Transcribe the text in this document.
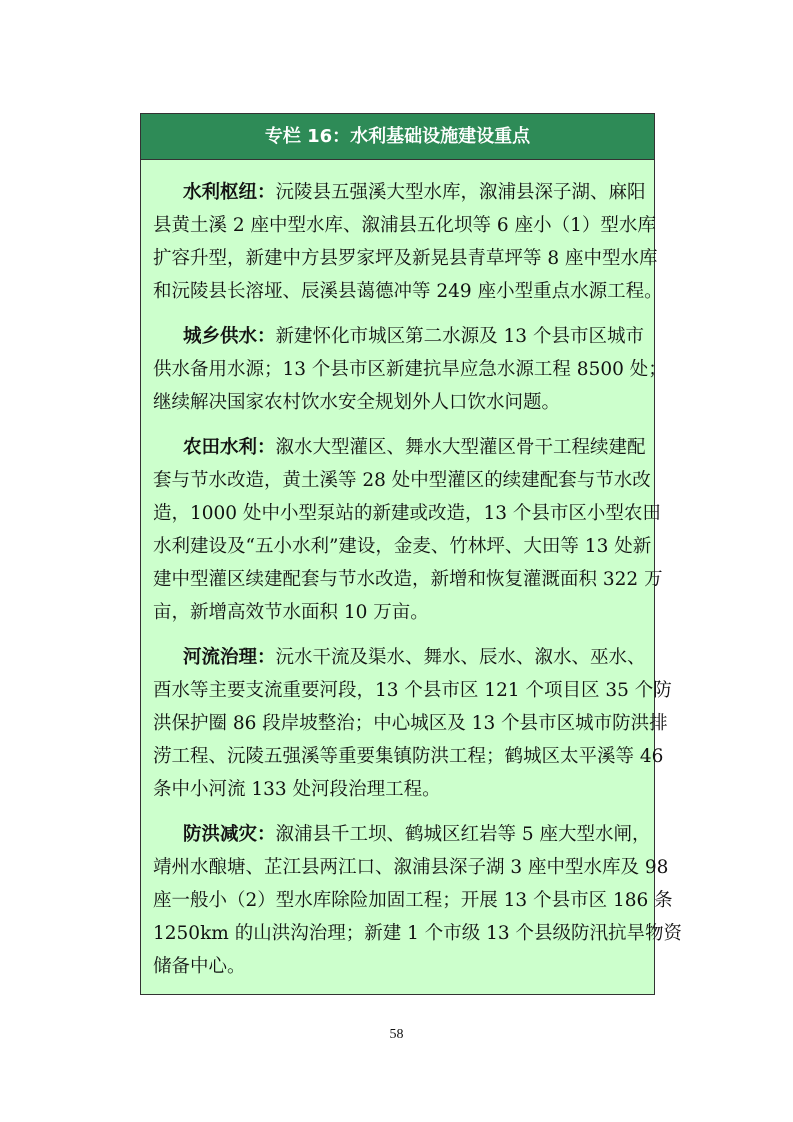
专栏 16：水利基础设施建设重点
水利枢纽：沅陵县五强溪大型水库，溆浦县深子湖、麻阳
县黄土溪 2 座中型水库、溆浦县五化坝等 6 座小（1）型水库
扩容升型，新建中方县罗家坪及新晃县青草坪等 8 座中型水库
和沅陵县长溶垭、辰溪县蔼德冲等 249 座小型重点水源工程。
城乡供水：新建怀化市城区第二水源及 13 个县市区城市
供水备用水源；13 个县市区新建抗旱应急水源工程 8500 处；
继续解决国家农村饮水安全规划外人口饮水问题。
农田水利：溆水大型灌区、舞水大型灌区骨干工程续建配
套与节水改造，黄土溪等 28 处中型灌区的续建配套与节水改
造，1000 处中小型泵站的新建或改造，13 个县市区小型农田
水利建设及“五小水利”建设，金麦、竹林坪、大田等 13 处新
建中型灌区续建配套与节水改造，新增和恢复灌溉面积 322 万
亩，新增高效节水面积 10 万亩。
河流治理：沅水干流及渠水、舞水、辰水、溆水、巫水、
酉水等主要支流重要河段，13 个县市区 121 个项目区 35 个防
洪保护圈 86 段岸坡整治；中心城区及 13 个县市区城市防洪排
涝工程、沅陵五强溪等重要集镇防洪工程；鹤城区太平溪等 46
条中小河流 133 处河段治理工程。
防洪减灾：溆浦县千工坝、鹤城区红岩等 5 座大型水闸，
靖州水酿塘、芷江县两江口、溆浦县深子湖 3 座中型水库及 98
座一般小（2）型水库除险加固工程；开展 13 个县市区 186 条
1250km 的山洪沟治理；新建 1 个市级 13 个县级防汛抗旱物资
储备中心。
58
